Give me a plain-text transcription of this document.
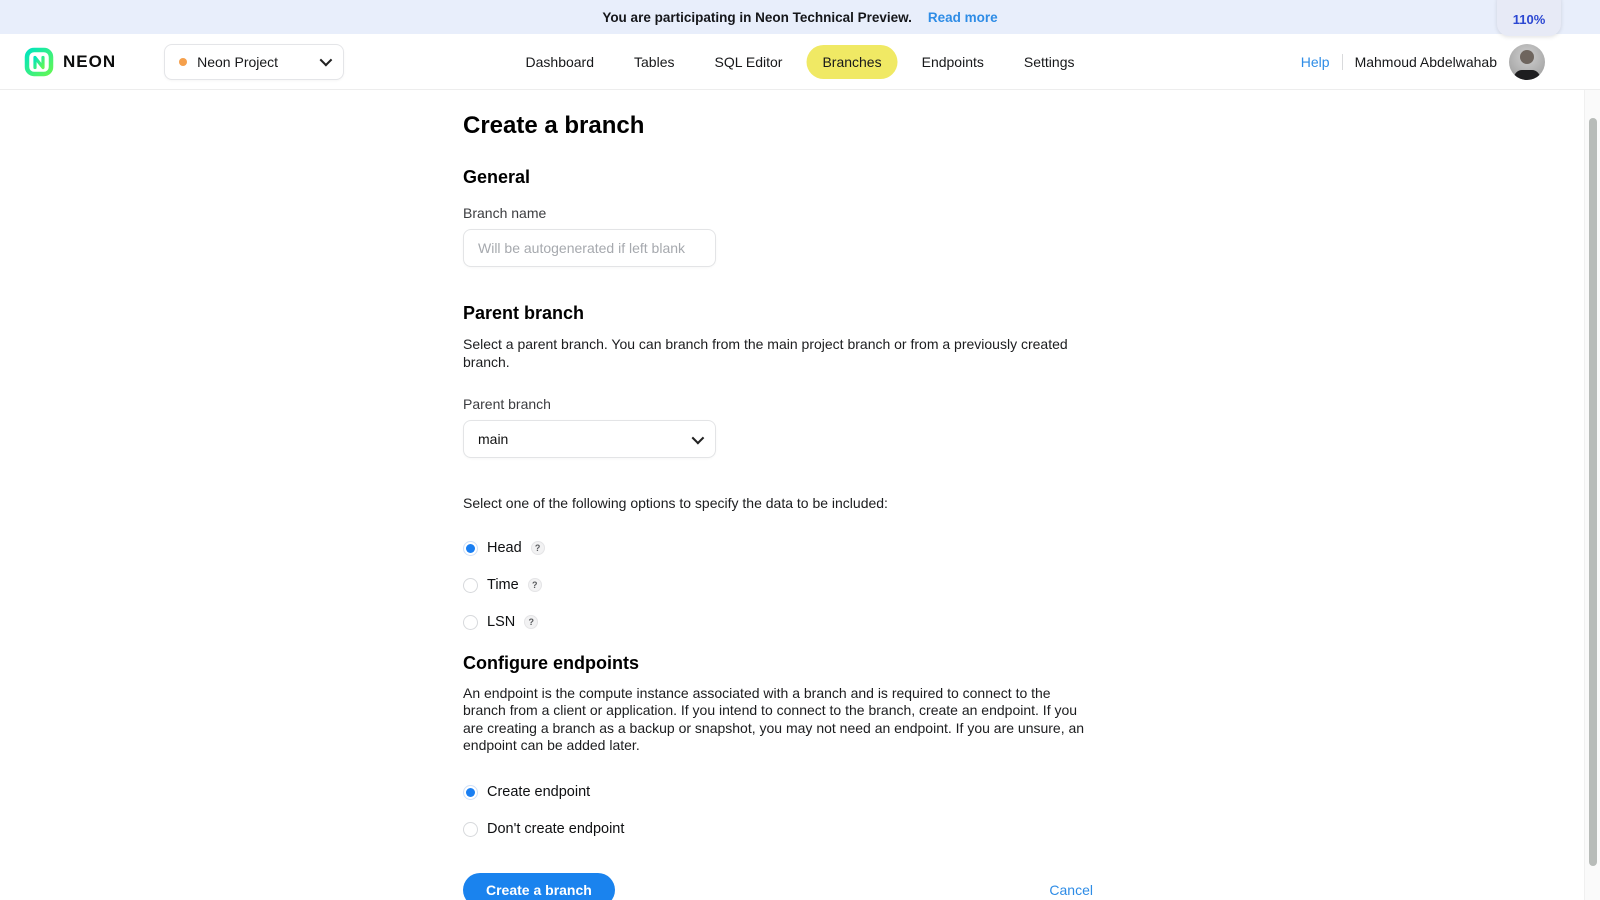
You are participating in Neon Technical Preview. Read more	110%
NEON	Neon Project	Dashboard	Tables	SQL Editor	Branches	Endpoints	Settings	Help Mahmoud Abdelwahab
Create a branch
General
Branch name
Will be autogenerated if left blank
Parent branch
Select a parent branch. You can branch from the main project branch or from a previously created branch.
Parent branch
main
Select one of the following options to specify the data to be included:
Head	?
Time	?
LSN	?
Configure endpoints
An endpoint is the compute instance associated with a branch and is required to connect to the branch from a client or application. If you intend to connect to the branch, create an endpoint. If you are creating a branch as a backup or snapshot, you may not need an endpoint. If you are unsure, an endpoint can be added later.
Create endpoint
Don't create endpoint
Create a branch	Cancel
